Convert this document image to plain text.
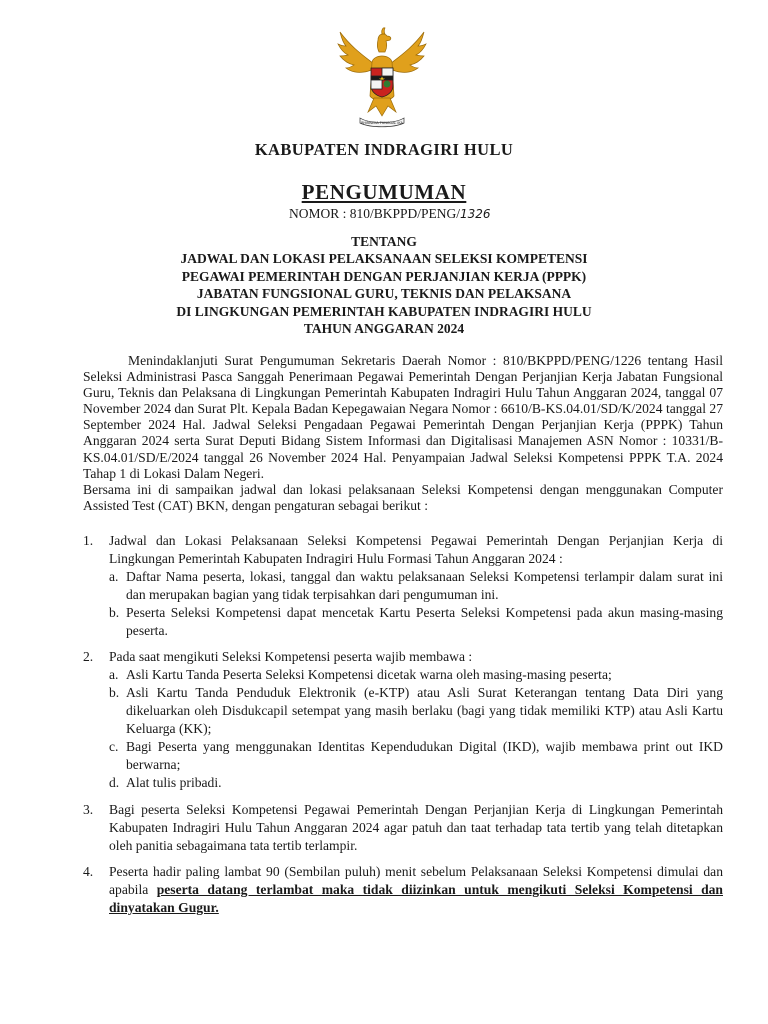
BHINNEKA TUNGGAL IKA
KABUPATEN INDRAGIRI HULU
PENGUMUMAN
NOMOR : 810/BKPPD/PENG/1326
TENTANG
JADWAL DAN LOKASI PELAKSANAAN SELEKSI KOMPETENSI
PEGAWAI PEMERINTAH DENGAN PERJANJIAN KERJA (PPPK)
JABATAN FUNGSIONAL GURU, TEKNIS DAN PELAKSANA
DI LINGKUNGAN PEMERINTAH KABUPATEN INDRAGIRI HULU
TAHUN ANGGARAN 2024

Menindaklanjuti Surat Pengumuman Sekretaris Daerah Nomor : 810/BKPPD/PENG/1226 tentang Hasil Seleksi Administrasi Pasca Sanggah Penerimaan Pegawai Pemerintah Dengan Perjanjian Kerja Jabatan Fungsional Guru, Teknis dan Pelaksana di Lingkungan Pemerintah Kabupaten Indragiri Hulu Tahun Anggaran 2024, tanggal 07 November 2024 dan Surat Plt. Kepala Badan Kepegawaian Negara Nomor : 6610/B-KS.04.01/SD/K/2024 tanggal 27 September 2024 Hal. Jadwal Seleksi Pengadaan Pegawai Pemerintah Dengan Perjanjian Kerja (PPPK) Tahun Anggaran 2024 serta Surat Deputi Bidang Sistem Informasi dan Digitalisasi Manajemen ASN Nomor : 10331/B-KS.04.01/SD/E/2024 tanggal 26 November 2024 Hal. Penyampaian Jadwal Seleksi Kompetensi PPPK T.A. 2024 Tahap 1 di Lokasi Dalam Negeri.

Bersama ini di sampaikan jadwal dan lokasi pelaksanaan Seleksi Kompetensi dengan menggunakan Computer Assisted Test (CAT) BKN, dengan pengaturan sebagai berikut :

1. Jadwal dan Lokasi Pelaksanaan Seleksi Kompetensi Pegawai Pemerintah Dengan Perjanjian Kerja di Lingkungan Pemerintah Kabupaten Indragiri Hulu Formasi Tahun Anggaran 2024 :
a. Daftar Nama peserta, lokasi, tanggal dan waktu pelaksanaan Seleksi Kompetensi terlampir dalam surat ini dan merupakan bagian yang tidak terpisahkan dari pengumuman ini.
b. Peserta Seleksi Kompetensi dapat mencetak Kartu Peserta Seleksi Kompetensi pada akun masing-masing peserta.
2. Pada saat mengikuti Seleksi Kompetensi peserta wajib membawa :
a. Asli Kartu Tanda Peserta Seleksi Kompetensi dicetak warna oleh masing-masing peserta;
b. Asli Kartu Tanda Penduduk Elektronik (e-KTP) atau Asli Surat Keterangan tentang Data Diri yang dikeluarkan oleh Disdukcapil setempat yang masih berlaku (bagi yang tidak memiliki KTP) atau Asli Kartu Keluarga (KK);
c. Bagi Peserta yang menggunakan Identitas Kependudukan Digital (IKD), wajib membawa print out IKD berwarna;
d. Alat tulis pribadi.
3. Bagi peserta Seleksi Kompetensi Pegawai Pemerintah Dengan Perjanjian Kerja di Lingkungan Pemerintah Kabupaten Indragiri Hulu Tahun Anggaran 2024 agar patuh dan taat terhadap tata tertib yang telah ditetapkan oleh panitia sebagaimana tata tertib terlampir.
4. Peserta hadir paling lambat 90 (Sembilan puluh) menit sebelum Pelaksanaan Seleksi Kompetensi dimulai dan apabila peserta datang terlambat maka tidak diizinkan untuk mengikuti Seleksi Kompetensi dan dinyatakan Gugur.
